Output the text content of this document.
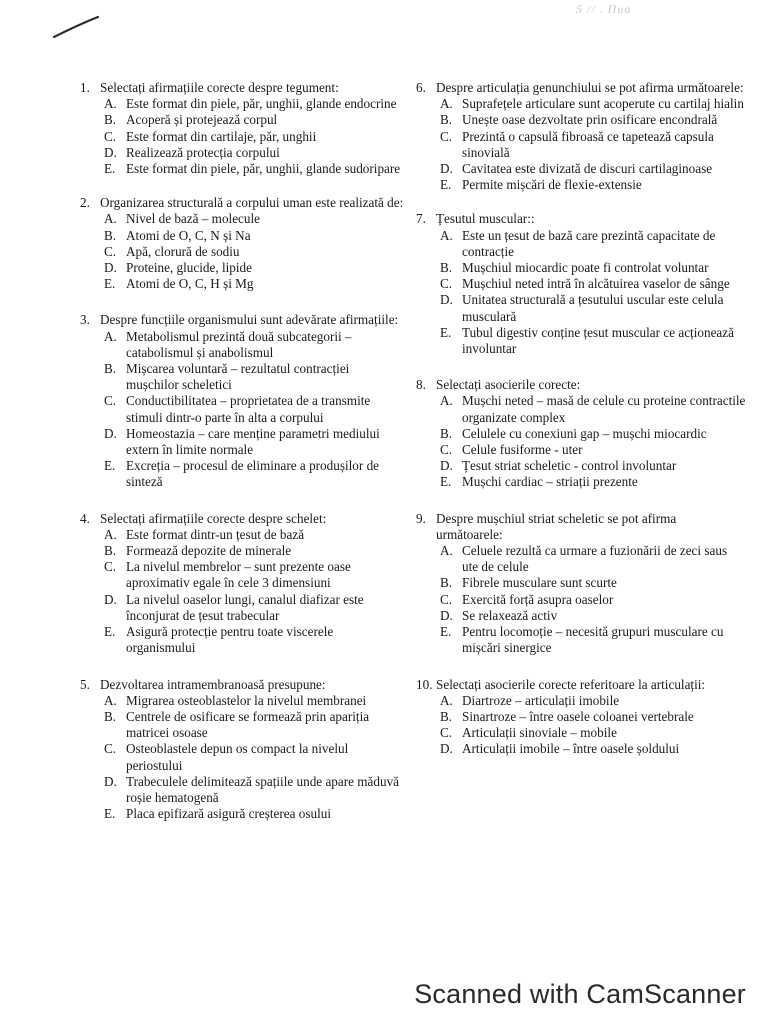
5 // . Пuа
1. Selectați afirmațiile corecte despre tegument:
A. Este format din piele, păr, unghii, glande endocrine
B. Acoperă și protejează corpul
C. Este format din cartilaje, păr, unghii
D. Realizează protecția corpului
E. Este format din piele, păr, unghii, glande sudoripare
2. Organizarea structurală a corpului uman este realizată de:
A. Nivel de bază – molecule
B. Atomi de O, C, N și Na
C. Apă, clorură de sodiu
D. Proteine, glucide, lipide
E. Atomi de O, C, H și Mg
3. Despre funcțiile organismului sunt adevărate afirmațiile:
A. Metabolismul prezintă două subcategorii – catabolismul și anabolismul
B. Mișcarea voluntară – rezultatul contracției mușchilor scheletici
C. Conductibilitatea – proprietatea de a transmite stimuli dintr-o parte în alta a corpului
D. Homeostazia – care menține parametri mediului extern în limite normale
E. Excreția – procesul de eliminare a produșilor de sinteză
4. Selectați afirmațiile corecte despre schelet:
A. Este format dintr-un țesut de bază
B. Formează depozite de minerale
C. La nivelul membrelor – sunt prezente oase aproximativ egale în cele 3 dimensiuni
D. La nivelul oaselor lungi, canalul diafizar este înconjurat de țesut trabecular
E. Asigură protecție pentru toate viscerele organismului
5. Dezvoltarea intramembranoasă presupune:
A. Migrarea osteoblastelor la nivelul membranei
B. Centrele de osificare se formează prin apariția matricei osoase
C. Osteoblastele depun os compact la nivelul periostului
D. Trabeculele delimitează spațiile unde apare măduvă roșie hematogenă
E. Placa epifizară asigură creșterea osului
6. Despre articulația genunchiului se pot afirma următoarele:
A. Suprafețele articulare sunt acoperute cu cartilaj hialin
B. Unește oase dezvoltate prin osificare encondrală
C. Prezintă o capsulă fibroasă ce tapetează capsula sinovială
D. Cavitatea este divizată de discuri cartilaginoase
E. Permite mișcări de flexie-extensie
7. Țesutul muscular::
A. Este un țesut de bază care prezintă capacitate de contracție
B. Mușchiul miocardic poate fi controlat voluntar
C. Mușchiul neted intră în alcătuirea vaselor de sânge
D. Unitatea structurală a țesutului uscular este celula musculară
E. Tubul digestiv conține țesut muscular ce acționează involuntar
8. Selectați asocierile corecte:
A. Mușchi neted – masă de celule cu proteine contractile organizate complex
B. Celulele cu conexiuni gap – mușchi miocardic
C. Celule fusiforme - uter
D. Țesut striat scheletic - control involuntar
E. Mușchi cardiac – striații prezente
9. Despre mușchiul striat scheletic se pot afirma următoarele:
A. Celuele rezultă ca urmare a fuzionării de zeci saus ute de celule
B. Fibrele musculare sunt scurte
C. Exercită forță asupra oaselor
D. Se relaxează activ
E. Pentru locomoție – necesită grupuri musculare cu mișcări sinergice
10. Selectați asocierile corecte referitoare la articulații:
A. Diartroze – articulații imobile
B. Sinartroze – între oasele coloanei vertebrale
C. Articulații sinoviale – mobile
D. Articulații imobile – între oasele șoldului
Scanned with CamScanner
